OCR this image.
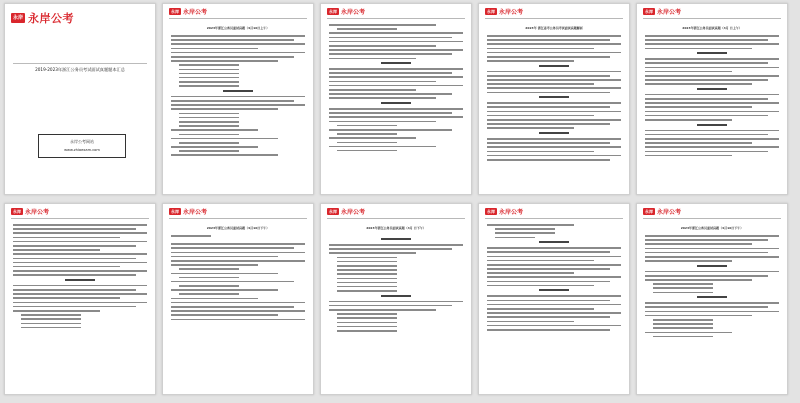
永岸 永岸公考
2019-2023年浙江公务员考试面试真题题本汇总
永岸公考网站
www.zhiaexam.com
永岸 永岸公考
2023年浙江公务员面试真题（4月10日上午）
永岸 永岸公考	永岸 永岸公考
2023年 浙江省考公务员考试面试真题解析
永岸 永岸公考
2023年浙江公务员面试真题（4月 日上午）
永岸 永岸公考	永岸 永岸公考
2023年浙江公务员面试真题（4月10日下午）
永岸 永岸公考
2023年浙江公务员面试真题（4月 日下午）
永岸 永岸公考	永岸 永岸公考
2023年浙江公务员面试真题（4月10日下午）
